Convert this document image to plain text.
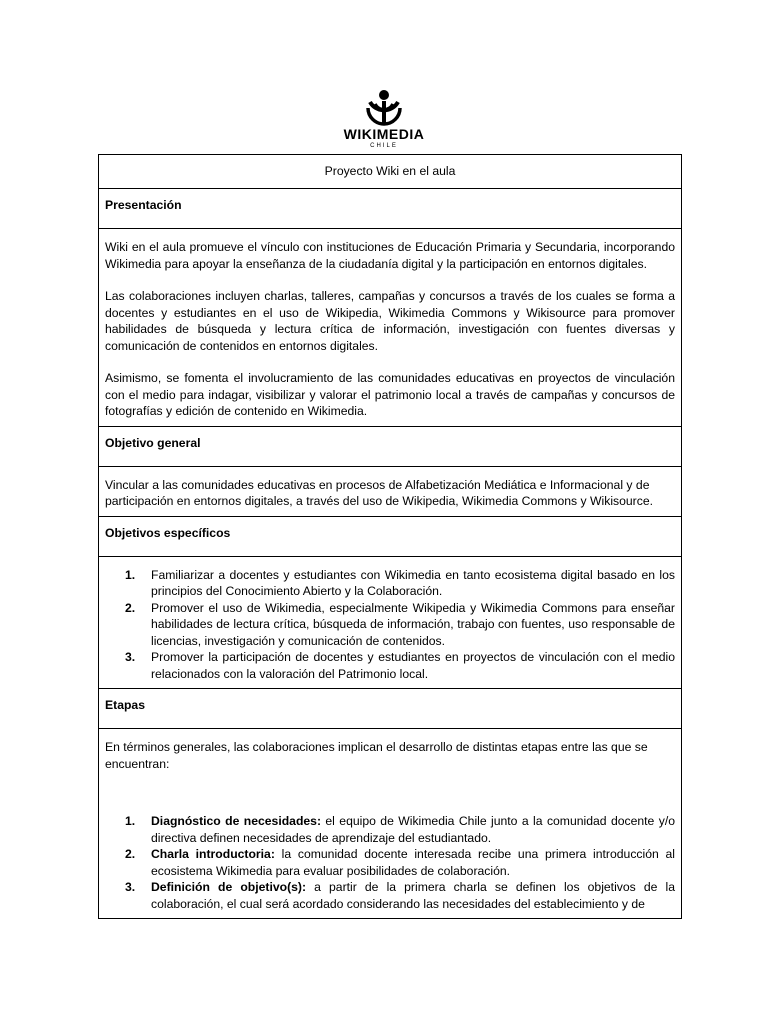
WIKIMEDIA
CHILE
Proyecto Wiki en el aula
Presentación

Wiki en el aula promueve el vínculo con instituciones de Educación Primaria y Secundaria, incorporando Wikimedia para apoyar la enseñanza de la ciudadanía digital y la participación en entornos digitales.

Las colaboraciones incluyen charlas, talleres, campañas y concursos a través de los cuales se forma a docentes y estudiantes en el uso de Wikipedia, Wikimedia Commons y Wikisource para promover habilidades de búsqueda y lectura crítica de información, investigación con fuentes diversas y comunicación de contenidos en entornos digitales.

Asimismo, se fomenta el involucramiento de las comunidades educativas en proyectos de vinculación con el medio para indagar, visibilizar y valorar el patrimonio local a través de campañas y concursos de fotografías y edición de contenido en Wikimedia.

Objetivo general

Vincular a las comunidades educativas en procesos de Alfabetización Mediática e Informacional y de participación en entornos digitales, a través del uso de Wikipedia, Wikimedia Commons y Wikisource.

Objetivos específicos
1. Familiarizar a docentes y estudiantes con Wikimedia en tanto ecosistema digital basado en los principios del Conocimiento Abierto y la Colaboración.
2. Promover el uso de Wikimedia, especialmente Wikipedia y Wikimedia Commons para enseñar habilidades de lectura crítica, búsqueda de información, trabajo con fuentes, uso responsable de licencias, investigación y comunicación de contenidos.
3. Promover la participación de docentes y estudiantes en proyectos de vinculación con el medio relacionados con la valoración del Patrimonio local.
Etapas

En términos generales, las colaboraciones implican el desarrollo de distintas etapas entre las que se encuentran:

1. Diagnóstico de necesidades: el equipo de Wikimedia Chile junto a la comunidad docente y/o directiva definen necesidades de aprendizaje del estudiantado.
2. Charla introductoria: la comunidad docente interesada recibe una primera introducción al ecosistema Wikimedia para evaluar posibilidades de colaboración.
3. Definición de objetivo(s): a partir de la primera charla se definen los objetivos de la colaboración, el cual será acordado considerando las necesidades del establecimiento y de
